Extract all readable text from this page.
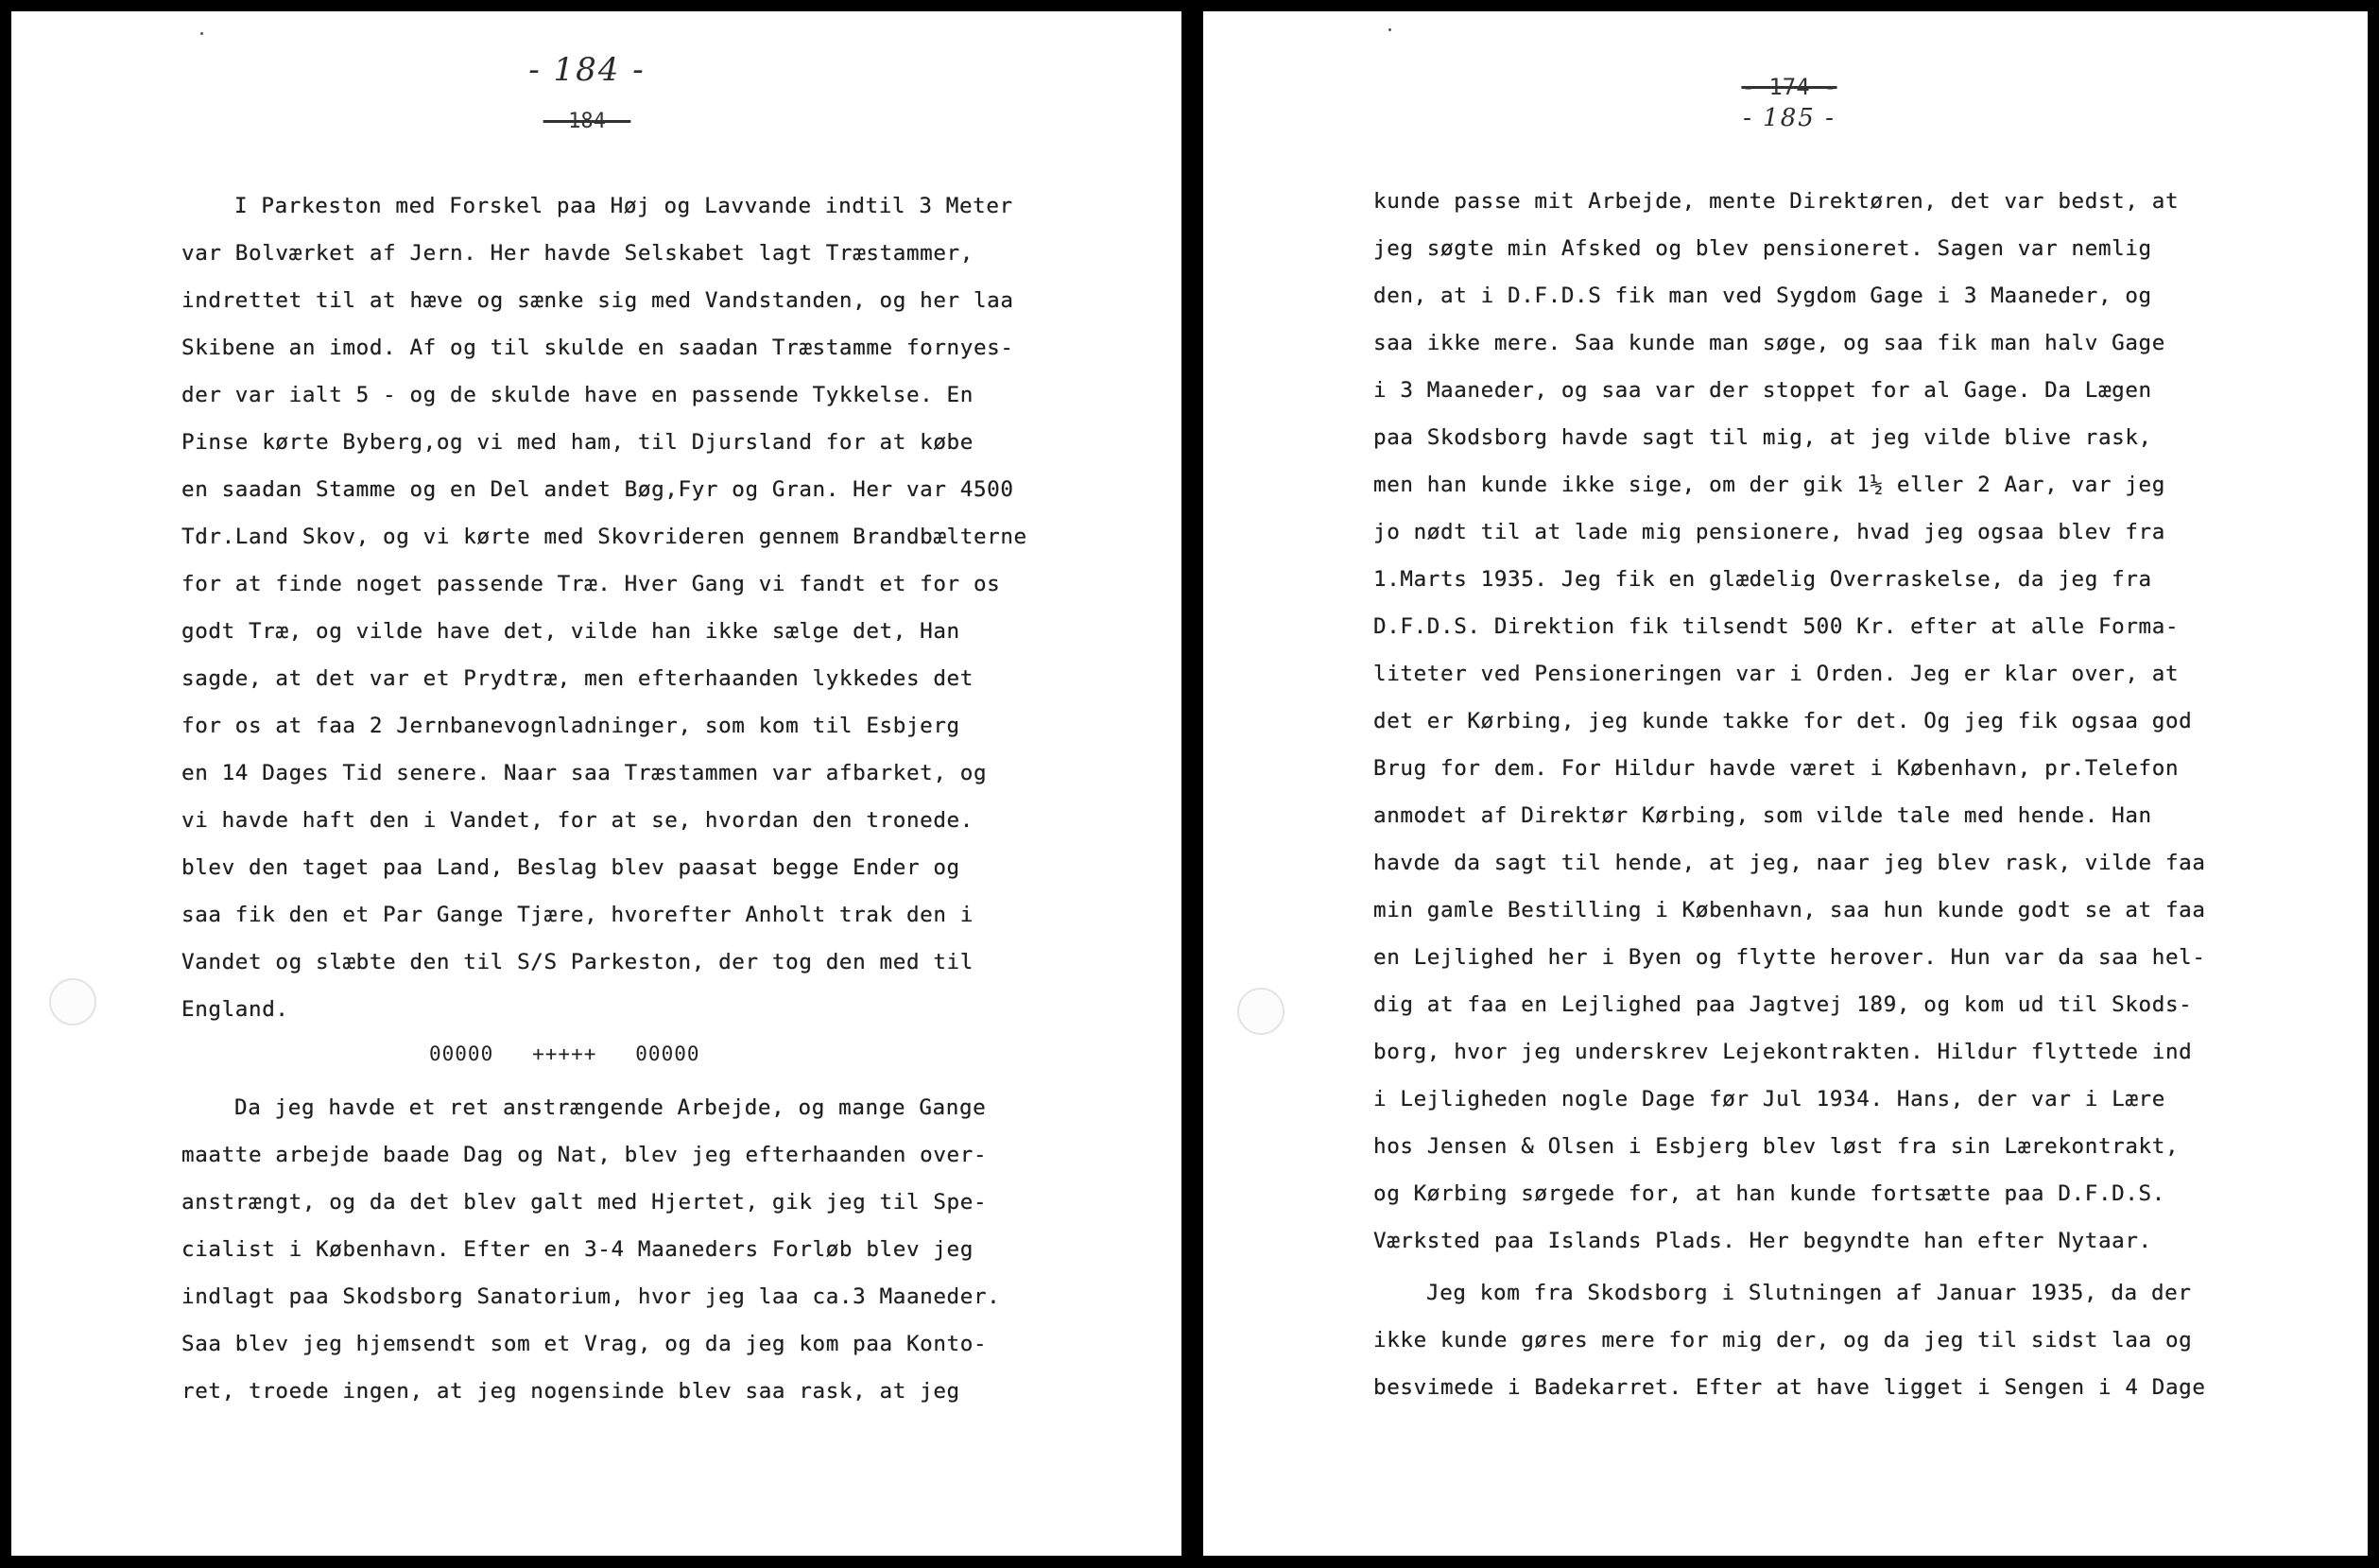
- 184 -
- 184 -
I Parkeston med Forskel paa Høj og Lavvande indtil 3 Meter
var Bolværket af Jern. Her havde Selskabet lagt Træstammer,
indrettet til at hæve og sænke sig med Vandstanden, og her laa
Skibene an imod. Af og til skulde en saadan Træstamme fornyes-
der var ialt 5 - og de skulde have en passende Tykkelse. En
Pinse kørte Byberg,og vi med ham, til Djursland for at købe
en saadan Stamme og en Del andet Bøg,Fyr og Gran. Her var 4500
Tdr.Land Skov, og vi kørte med Skovrideren gennem Brandbælterne
for at finde noget passende Træ. Hver Gang vi fandt et for os
godt Træ, og vilde have det, vilde han ikke sælge det, Han
sagde, at det var et Prydtræ, men efterhaanden lykkedes det
for os at faa 2 Jernbanevognladninger, som kom til Esbjerg
en 14 Dages Tid senere. Naar saa Træstammen var afbarket, og
vi havde haft den i Vandet, for at se, hvordan den tronede.
blev den taget paa Land, Beslag blev paasat begge Ender og
saa fik den et Par Gange Tjære, hvorefter Anholt trak den i
Vandet og slæbte den til S/S Parkeston, der tog den med til
England.
00000   +++++   00000
Da jeg havde et ret anstrængende Arbejde, og mange Gange
maatte arbejde baade Dag og Nat, blev jeg efterhaanden over-
anstrængt, og da det blev galt med Hjertet, gik jeg til Spe-
cialist i København. Efter en 3-4 Maaneders Forløb blev jeg
indlagt paa Skodsborg Sanatorium, hvor jeg laa ca.3 Maaneder.
Saa blev jeg hjemsendt som et Vrag, og da jeg kom paa Konto-
ret, troede ingen, at jeg nogensinde blev saa rask, at jeg
- 174 -
- 185 -
kunde passe mit Arbejde, mente Direktøren, det var bedst, at
jeg søgte min Afsked og blev pensioneret. Sagen var nemlig
den, at i D.F.D.S fik man ved Sygdom Gage i 3 Maaneder, og
saa ikke mere. Saa kunde man søge, og saa fik man halv Gage
i 3 Maaneder, og saa var der stoppet for al Gage. Da Lægen
paa Skodsborg havde sagt til mig, at jeg vilde blive rask,
men han kunde ikke sige, om der gik 1½ eller 2 Aar, var jeg
jo nødt til at lade mig pensionere, hvad jeg ogsaa blev fra
1.Marts 1935. Jeg fik en glædelig Overraskelse, da jeg fra
D.F.D.S. Direktion fik tilsendt 500 Kr. efter at alle Forma-
liteter ved Pensioneringen var i Orden. Jeg er klar over, at
det er Kørbing, jeg kunde takke for det. Og jeg fik ogsaa god
Brug for dem. For Hildur havde været i København, pr.Telefon
anmodet af Direktør Kørbing, som vilde tale med hende. Han
havde da sagt til hende, at jeg, naar jeg blev rask, vilde faa
min gamle Bestilling i København, saa hun kunde godt se at faa
en Lejlighed her i Byen og flytte herover. Hun var da saa hel-
dig at faa en Lejlighed paa Jagtvej 189, og kom ud til Skods-
borg, hvor jeg underskrev Lejekontrakten. Hildur flyttede ind
i Lejligheden nogle Dage før Jul 1934. Hans, der var i Lære
hos Jensen & Olsen i Esbjerg blev løst fra sin Lærekontrakt,
og Kørbing sørgede for, at han kunde fortsætte paa D.F.D.S.
Værksted paa Islands Plads. Her begyndte han efter Nytaar.
Jeg kom fra Skodsborg i Slutningen af Januar 1935, da der
ikke kunde gøres mere for mig der, og da jeg til sidst laa og
besvimede i Badekarret. Efter at have ligget i Sengen i 4 Dage
